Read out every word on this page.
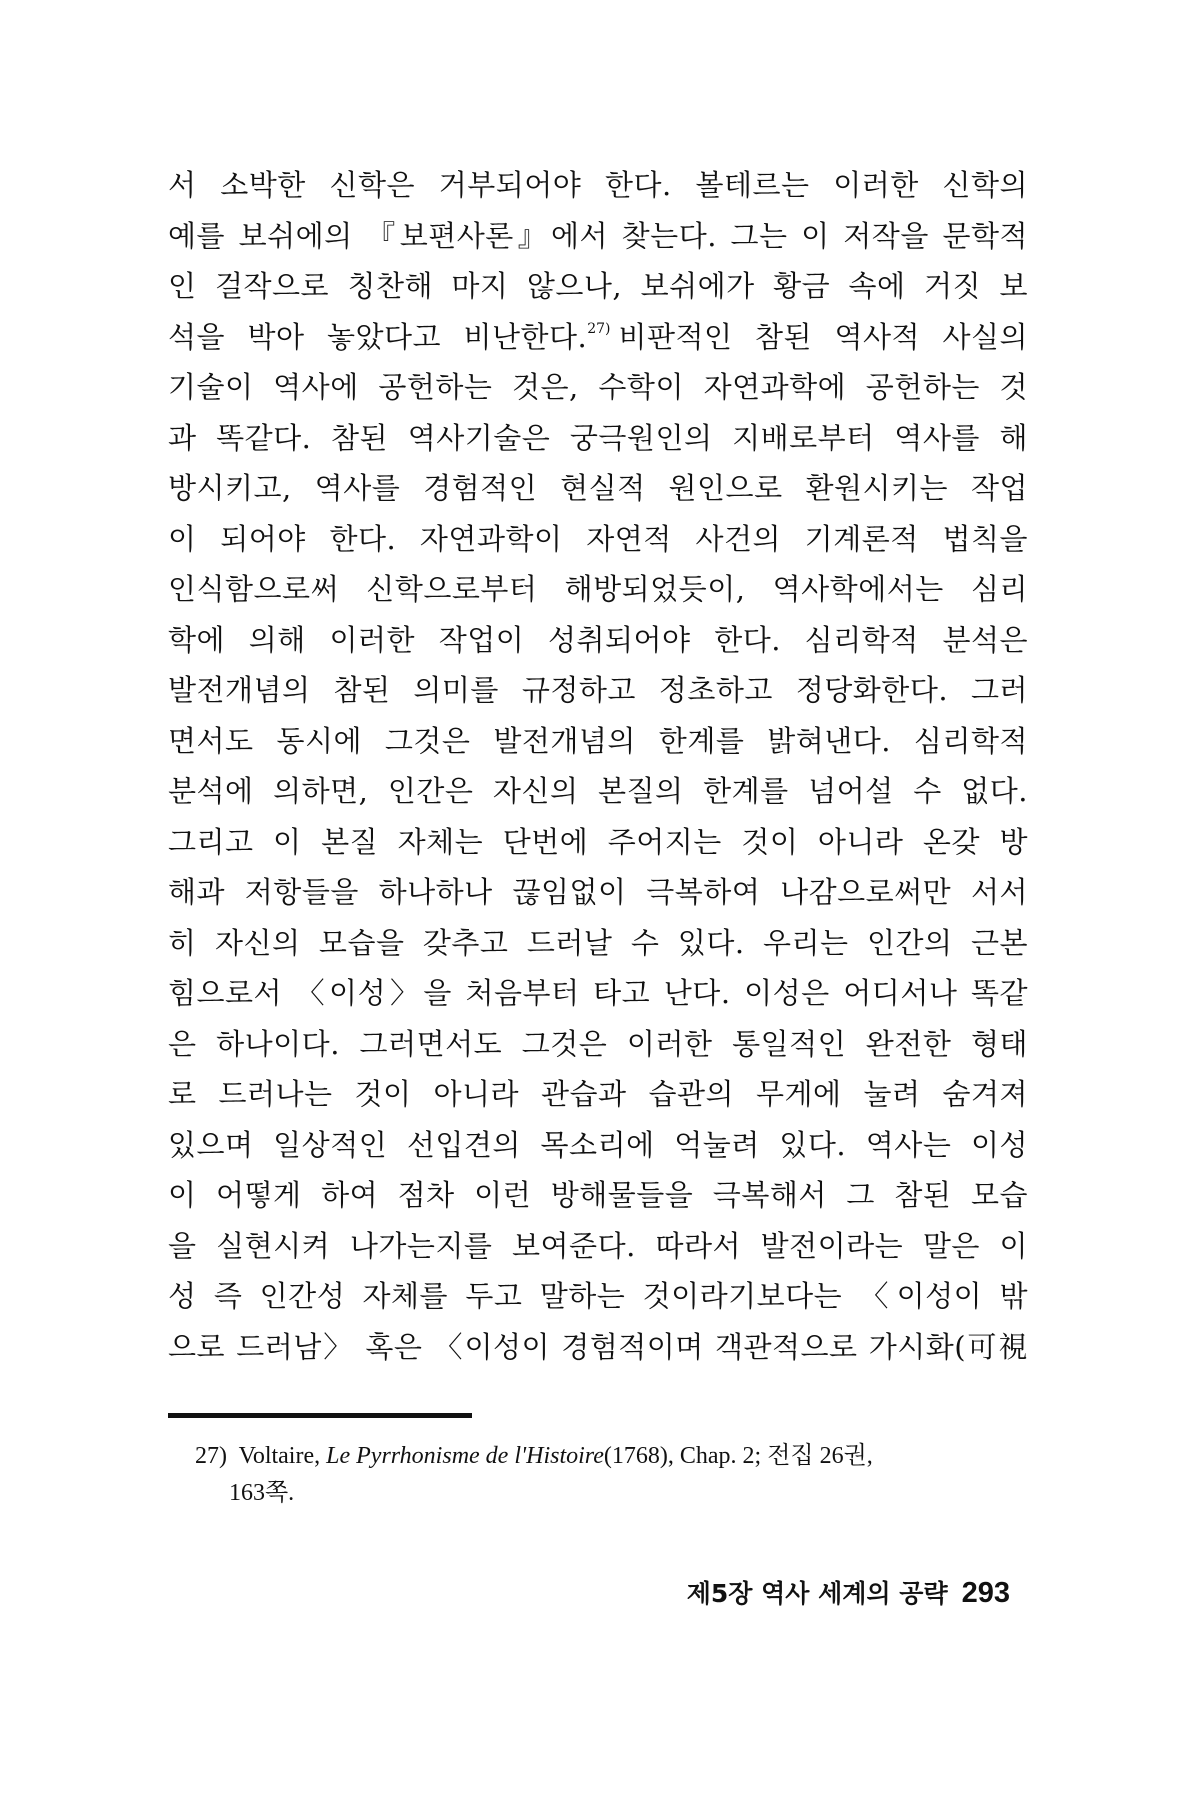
서 소박한 신학은 거부되어야 한다. 볼테르는 이러한 신학의
예를 보쉬에의 『보편사론』에서 찾는다. 그는 이 저작을 문학적
인 걸작으로 칭찬해 마지 않으나, 보쉬에가 황금 속에 거짓 보
석을 박아 놓았다고 비난한다.$^{27)}$ 비판적인 참된 역사적 사실의
기술이 역사에 공헌하는 것은, 수학이 자연과학에 공헌하는 것
과 똑같다. 참된 역사기술은 궁극원인의 지배로부터 역사를 해
방시키고, 역사를 경험적인 현실적 원인으로 환원시키는 작업
이 되어야 한다. 자연과학이 자연적 사건의 기계론적 법칙을
인식함으로써 신학으로부터 해방되었듯이, 역사학에서는 심리
학에 의해 이러한 작업이 성취되어야 한다. 심리학적 분석은
발전개념의 참된 의미를 규정하고 정초하고 정당화한다. 그러
면서도 동시에 그것은 발전개념의 한계를 밝혀낸다. 심리학적
분석에 의하면, 인간은 자신의 본질의 한계를 넘어설 수 없다.
그리고 이 본질 자체는 단번에 주어지는 것이 아니라 온갖 방
해과 저항들을 하나하나 끊임없이 극복하여 나감으로써만 서서
히 자신의 모습을 갖추고 드러날 수 있다. 우리는 인간의 근본
힘으로서 〈이성〉을 처음부터 타고 난다. 이성은 어디서나 똑같
은 하나이다. 그러면서도 그것은 이러한 통일적인 완전한 형태
로 드러나는 것이 아니라 관습과 습관의 무게에 눌려 숨겨져
있으며 일상적인 선입견의 목소리에 억눌려 있다. 역사는 이성
이 어떻게 하여 점차 이런 방해물들을 극복해서 그 참된 모습
을 실현시켜 나가는지를 보여준다. 따라서 발전이라는 말은 이
성 즉 인간성 자체를 두고 말하는 것이라기보다는 〈이성이 밖
으로 드러남〉 혹은 〈이성이 경험적이며 객관적으로 가시화(可視
27) Voltaire, Le Pyrrhonisme de l'Histoire(1768), Chap. 2; 전집 26권,
163쪽.
제5장 역사 세계의 공략 293
